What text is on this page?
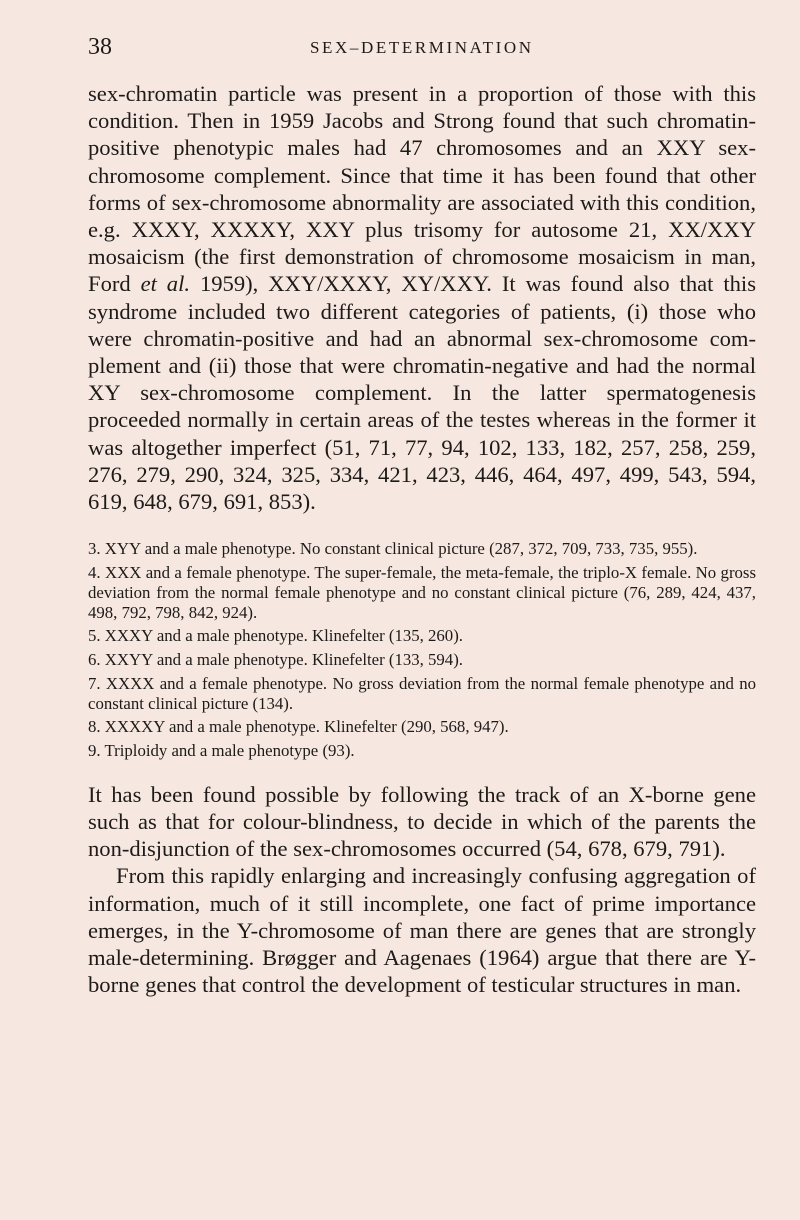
38	SEX–DETERMINATION

sex-chromatin particle was present in a proportion of those with this condition. Then in 1959 Jacobs and Strong found that such chromatin-positive phenotypic males had 47 chromosomes and an XXY sex-chromosome complement. Since that time it has been found that other forms of sex-chromosome abnormality are associated with this condition, e.g. XXXY, XXXXY, XXY plus trisomy for autosome 21, XX/XXY mosaicism (the first demonstration of chromosome mosaicism in man, Ford et al. 1959), XXY/XXXY, XY/XXY. It was found also that this syndrome included two different categories of patients, (i) those who were chromatin-positive and had an abnormal sex-chromosome complement and (ii) those that were chromatin-negative and had the normal XY sex-chromosome complement. In the latter spermatogenesis proceeded normally in certain areas of the testes whereas in the former it was altogether imperfect (51, 71, 77, 94, 102, 133, 182, 257, 258, 259, 276, 279, 290, 324, 325, 334, 421, 423, 446, 464, 497, 499, 543, 594, 619, 648, 679, 691, 853).

3. XYY and a male phenotype. No constant clinical picture (287, 372, 709, 733, 735, 955).
4. XXX and a female phenotype. The super-female, the meta-female, the triplo-X female. No gross deviation from the normal female phenotype and no constant clinical picture (76, 289, 424, 437, 498, 792, 798, 842, 924).
5. XXXY and a male phenotype. Klinefelter (135, 260).
6. XXYY and a male phenotype. Klinefelter (133, 594).
7. XXXX and a female phenotype. No gross deviation from the normal female phenotype and no constant clinical picture (134).
8. XXXXY and a male phenotype. Klinefelter (290, 568, 947).
9. Triploidy and a male phenotype (93).

It has been found possible by following the track of an X-borne gene such as that for colour-blindness, to decide in which of the parents the non-disjunction of the sex-chromosomes occurred (54, 678, 679, 791).

From this rapidly enlarging and increasingly confusing aggregation of information, much of it still incomplete, one fact of prime importance emerges, in the Y-chromosome of man there are genes that are strongly male-determining. Brøgger and Aagenaes (1964) argue that there are Y-borne genes that control the development of testicular structures in man.
